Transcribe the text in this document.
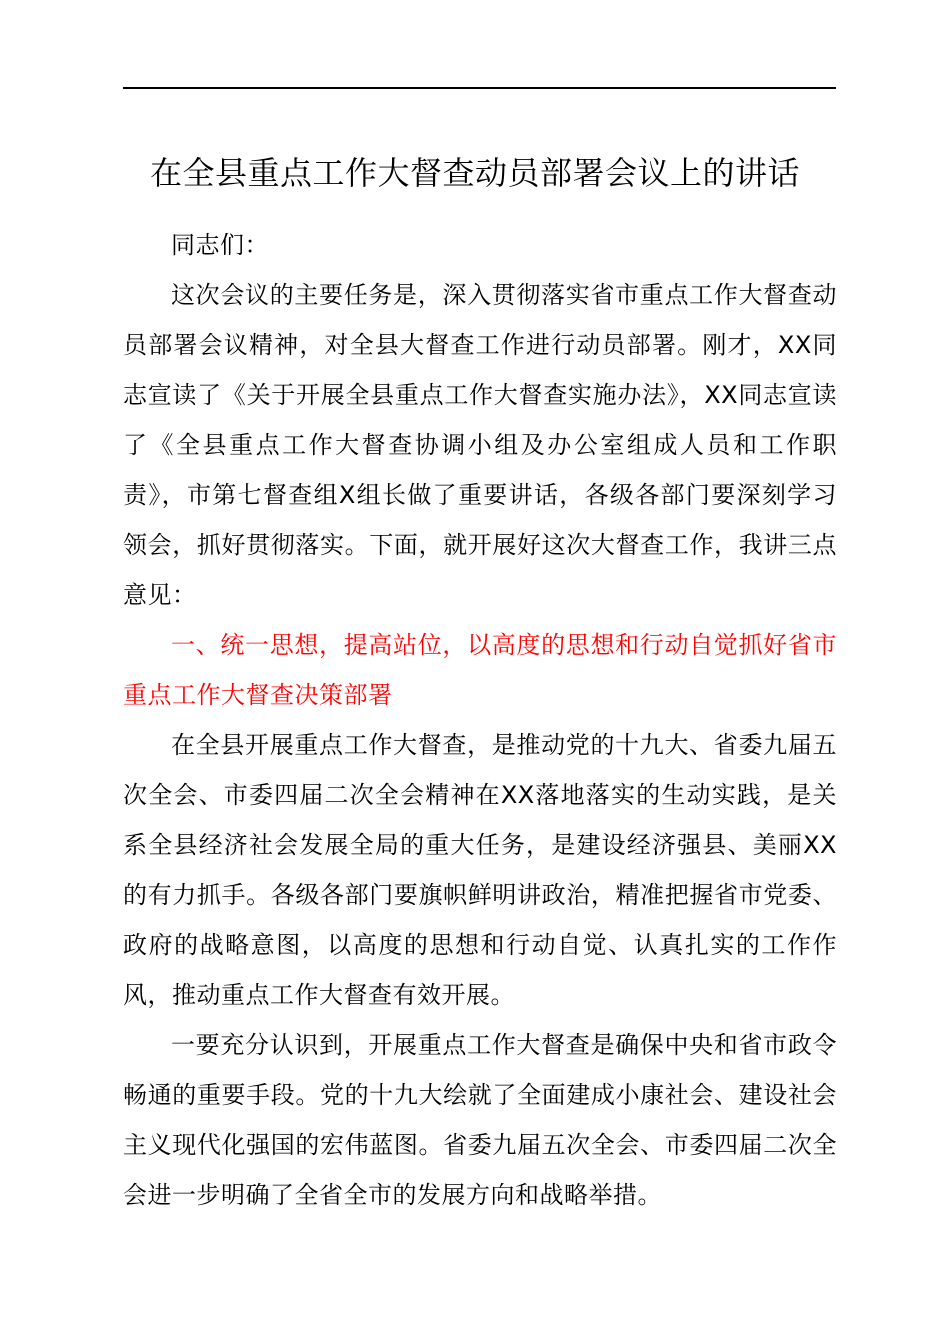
在全县重点工作大督查动员部署会议上的讲话

同志们：

这次会议的主要任务是，深入贯彻落实省市重点工作大督查动员部署会议精神，对全县大督查工作进行动员部署。刚才，XX同志宣读了《关于开展全县重点工作大督查实施办法》，XX同志宣读了《全县重点工作大督查协调小组及办公室组成人员和工作职责》，市第七督查组X组长做了重要讲话，各级各部门要深刻学习领会，抓好贯彻落实。下面，就开展好这次大督查工作，我讲三点意见：

一、统一思想，提高站位，以高度的思想和行动自觉抓好省市重点工作大督查决策部署

在全县开展重点工作大督查，是推动党的十九大、省委九届五次全会、市委四届二次全会精神在XX落地落实的生动实践，是关系全县经济社会发展全局的重大任务，是建设经济强县、美丽XX的有力抓手。各级各部门要旗帜鲜明讲政治，精准把握省市党委、政府的战略意图，以高度的思想和行动自觉、认真扎实的工作作风，推动重点工作大督查有效开展。

一要充分认识到，开展重点工作大督查是确保中央和省市政令畅通的重要手段。党的十九大绘就了全面建成小康社会、建设社会主义现代化强国的宏伟蓝图。省委九届五次全会、市委四届二次全会进一步明确了全省全市的发展方向和战略举措。
